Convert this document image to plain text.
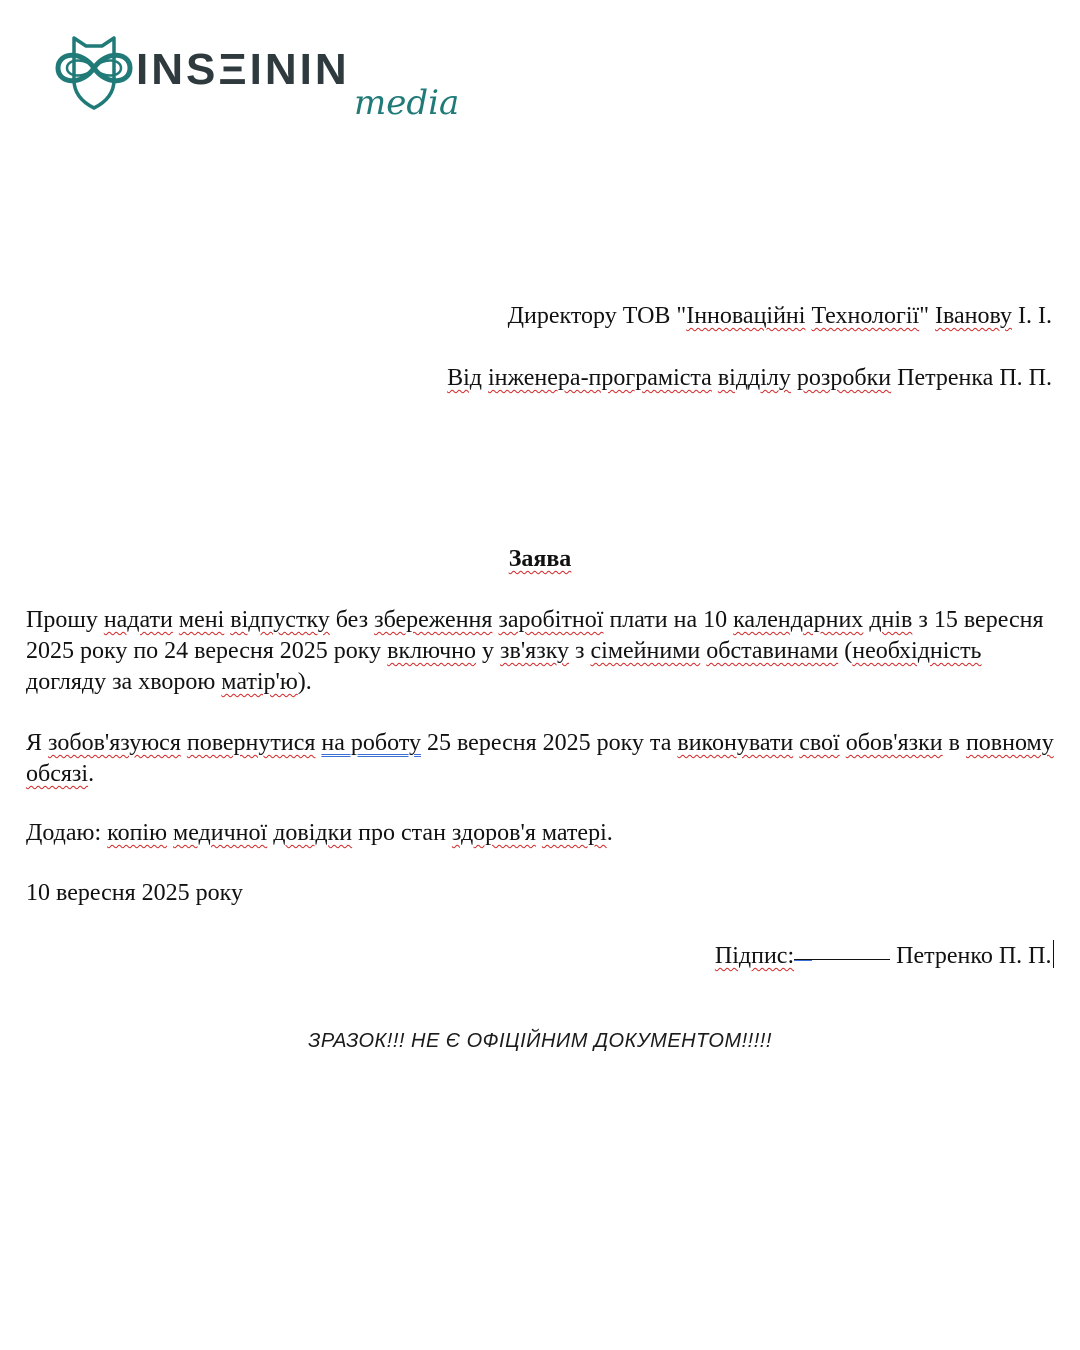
INSΞININ
media
Директору ТОВ "Інноваційні Технології" Іванову І. І.
Від інженера-програміста відділу розробки Петренка П. П.
Заява

Прошу надати мені відпустку без збереження заробітної плати на 10 календарних днів з 15 вересня 2025 року по 24 вересня 2025 року включно у зв'язку з сімейними обставинами (необхідність догляду за хворою матір'ю).

Я зобов'язуюся повернутися на роботу 25 вересня 2025 року та виконувати свої обов'язки в повному обсязі.

Додаю: копію медичної довідки про стан здоров'я матері.

10 вересня 2025 року

Підпис:	Петренко П. П.
ЗРАЗОК!!! НЕ Є ОФІЦІЙНИМ ДОКУМЕНТОМ!!!!!
